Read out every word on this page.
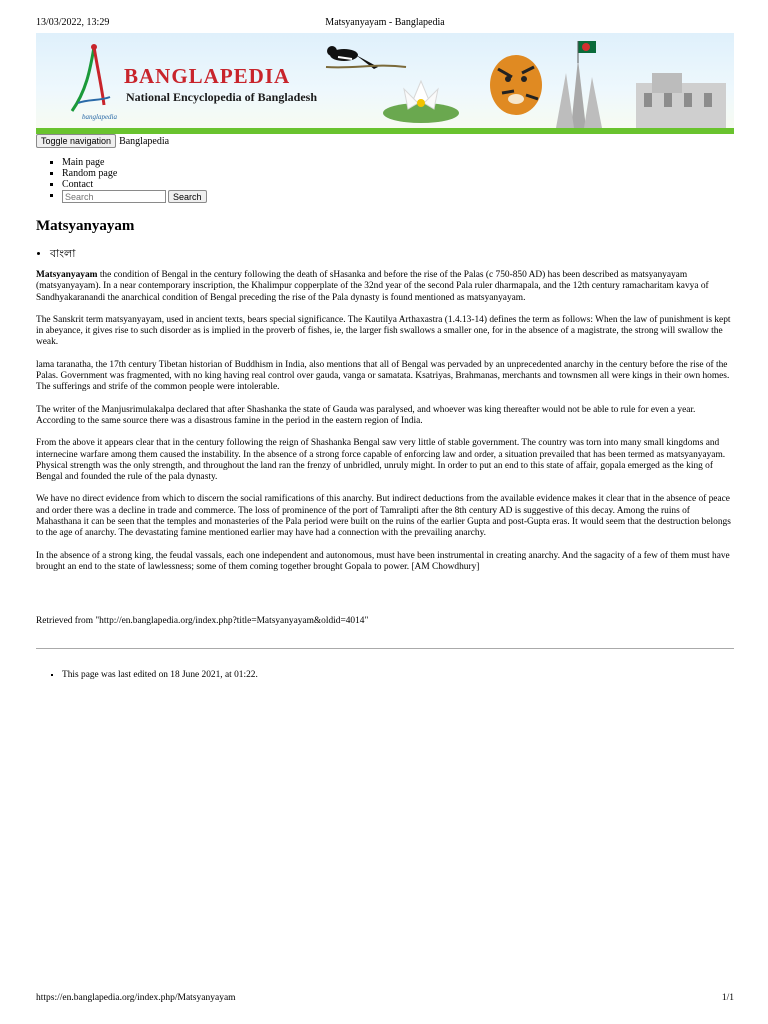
13/03/2022, 13:29	Matsyanyayam - Banglapedia
BANGLAPEDIA
National Encyclopedia of Bangladesh
banglapedia
Toggle navigation Banglapedia
▪ Main page
▪ Random page
▪ Contact
Search ▪ Search
Matsyanyayam
• বাংলা

Matsyanyayam the condition of Bengal in the century following the death of sHasanka and before the rise of the Palas (c 750-850 AD) has been described as matsyanyayam (matsyanyayam). In a near contemporary inscription, the Khalimpur copperplate of the 32nd year of the second Pala ruler dharmapala, and the 12th century ramacharitam kavya of Sandhyakaranandi the anarchical condition of Bengal preceding the rise of the Pala dynasty is found mentioned as matsyanyayam.

The Sanskrit term matsyanyayam, used in ancient texts, bears special significance. The Kautilya Arthaxastra (1.4.13-14) defines the term as follows: When the law of punishment is kept in abeyance, it gives rise to such disorder as is implied in the proverb of fishes, ie, the larger fish swallows a smaller one, for in the absence of a magistrate, the strong will swallow the weak.

lama taranatha, the 17th century Tibetan historian of Buddhism in India, also mentions that all of Bengal was pervaded by an unprecedented anarchy in the century before the rise of the Palas. Government was fragmented, with no king having real control over gauda, vanga or samatata. Ksatriyas, Brahmanas, merchants and townsmen all were kings in their own homes. The sufferings and strife of the common people were intolerable.

The writer of the Manjusrimulakalpa declared that after Shashanka the state of Gauda was paralysed, and whoever was king thereafter would not be able to rule for even a year. According to the same source there was a disastrous famine in the period in the eastern region of India.

From the above it appears clear that in the century following the reign of Shashanka Bengal saw very little of stable government. The country was torn into many small kingdoms and internecine warfare among them caused the instability. In the absence of a strong force capable of enforcing law and order, a situation prevailed that has been termed as matsyanyayam. Physical strength was the only strength, and throughout the land ran the frenzy of unbridled, unruly might. In order to put an end to this state of affair, gopala emerged as the king of Bengal and founded the rule of the pala dynasty.

We have no direct evidence from which to discern the social ramifications of this anarchy. But indirect deductions from the available evidence makes it clear that in the absence of peace and order there was a decline in trade and commerce. The loss of prominence of the port of Tamralipti after the 8th century AD is suggestive of this decay. Among the ruins of Mahasthana it can be seen that the temples and monasteries of the Pala period were built on the ruins of the earlier Gupta and post-Gupta eras. It would seem that the destruction belongs to the age of anarchy. The devastating famine mentioned earlier may have had a connection with the prevailing anarchy.

In the absence of a strong king, the feudal vassals, each one independent and autonomous, must have been instrumental in creating anarchy. And the sagacity of a few of them must have brought an end to the state of lawlessness; some of them coming together brought Gopala to power. [AM Chowdhury]

Retrieved from "http://en.banglapedia.org/index.php?title=Matsyanyayam&oldid=4014"
▪ This page was last edited on 18 June 2021, at 01:22.
https://en.banglapedia.org/index.php/Matsyanyayam	1/1
